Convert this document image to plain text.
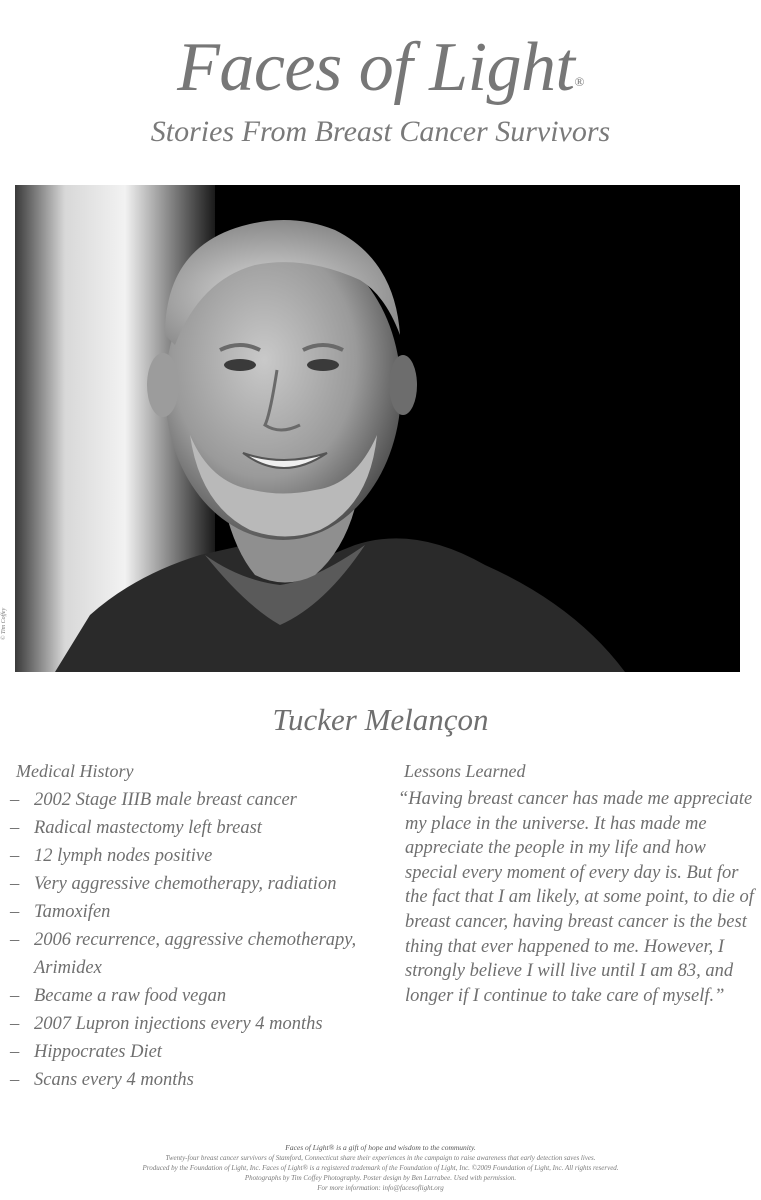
Faces of Light®
Stories From Breast Cancer Survivors
© Tim Coffey
Tucker Melançon
Medical History	Lessons Learned
– 2002 Stage IIIB male breast cancer
– Radical mastectomy left breast
– 12 lymph nodes positive
– Very aggressive chemotherapy, radiation
– Tamoxifen
– 2006 recurrence, aggressive chemotherapy,
Arimidex
– Became a raw food vegan
– 2007 Lupron injections every 4 months
– Hippocrates Diet
– Scans every 4 months

“Having breast cancer has made me appreciate my place in the universe. It has made me appreciate the people in my life and how special every moment of every day is. But for the fact that I am likely, at some point, to die of breast cancer, having breast cancer is the best thing that ever happened to me. However, I strongly believe I will live until I am 83, and longer if I continue to take care of myself.”

Faces of Light® is a gift of hope and wisdom to the community.
Twenty-four breast cancer survivors of Stamford, Connecticut share their experiences in the campaign to raise awareness that early detection saves lives.
Produced by the Foundation of Light, Inc. Faces of Light® is a registered trademark of the Foundation of Light, Inc. ©2009 Foundation of Light, Inc. All rights reserved.
Photographs by Tim Coffey Photography. Poster design by Ben Larrabee. Used with permission.
For more information: info@facesoflight.org
